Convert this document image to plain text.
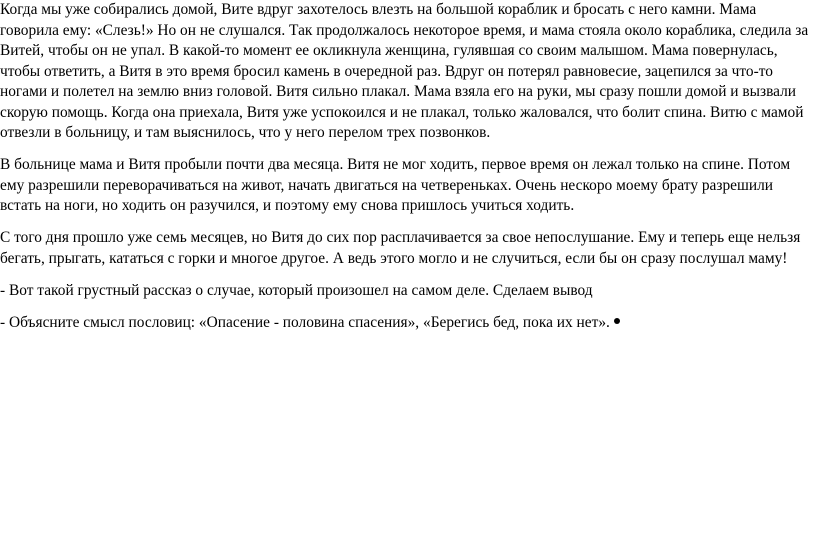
Когда мы уже собирались домой, Вите вдруг захотелось влезть на большой кораблик и бросать с него камни. Мама говорила ему: «Слезь!» Но он не слушался. Так продолжалось некоторое время, и мама стояла около кораблика, следила за Витей, чтобы он не упал. В какой-то момент ее окликнула женщина, гулявшая со своим малышом. Мама повернулась, чтобы ответить, а Витя в это время бросил камень в очередной раз. Вдруг он потерял равновесие, зацепился за что-то ногами и полетел на землю вниз головой. Витя сильно плакал. Мама взяла его на руки, мы сразу пошли домой и вызвали скорую помощь. Когда она приехала, Витя уже успокоился и не плакал, только жаловался, что болит спина. Витю с мамой отвезли в больницу, и там выяснилось, что у него перелом трех позвонков.

В больнице мама и Витя пробыли почти два месяца. Витя не мог ходить, первое время он лежал только на спине. Потом ему разрешили переворачиваться на живот, начать двигаться на четвереньках. Очень нескоро моему брату разрешили встать на ноги, но ходить он разучился, и поэтому ему снова пришлось учиться ходить.

С того дня прошло уже семь месяцев, но Витя до сих пор расплачивается за свое непослушание. Ему и теперь еще нельзя бегать, прыгать, кататься с горки и многое другое. А ведь этого могло и не случиться, если бы он сразу послушал маму!

- Вот такой грустный рассказ о случае, который произошел на самом деле. Сделаем вывод

- Объясните смысл пословиц: «Опасение - половина спасения», «Берегись бед, пока их нет».
